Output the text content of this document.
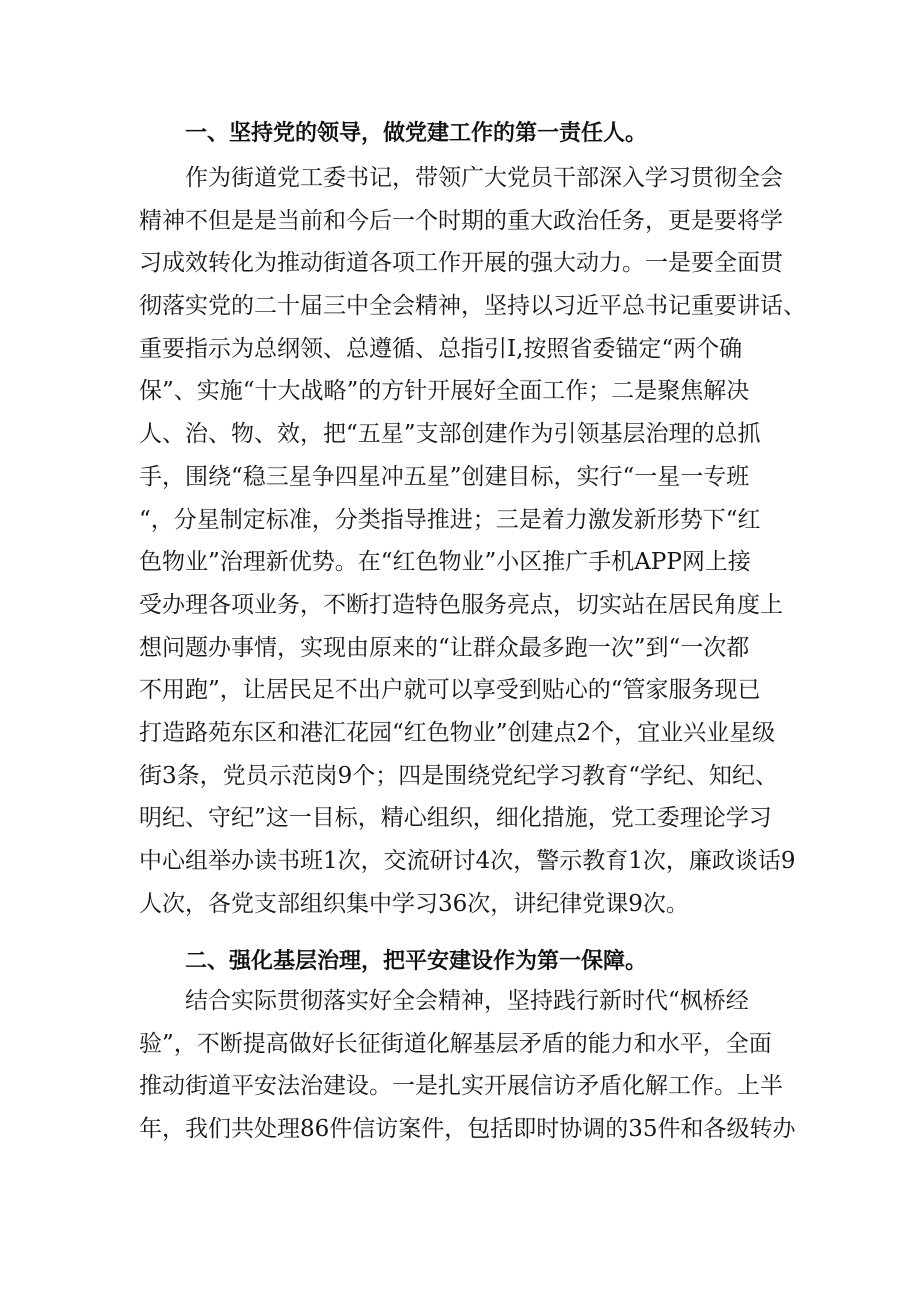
一、坚持党的领导，做党建工作的第一责任人。
作为街道党工委书记，带领广大党员干部深入学习贯彻全会
精神不但是是当前和今后一个时期的重大政治任务，更是要将学
习成效转化为推动街道各项工作开展的强大动力。一是要全面贯
彻落实党的二十届三中全会精神，坚持以习近平总书记重要讲话、
重要指示为总纲领、总遵循、总指引I,按照省委锚定“两个确
保”、实施“十大战略”的方针开展好全面工作；二是聚焦解决
人、治、物、效，把“五星”支部创建作为引领基层治理的总抓
手，围绕“稳三星争四星冲五星”创建目标，实行“一星一专班
“，分星制定标准，分类指导推进；三是着力激发新形势下“红
色物业”治理新优势。在“红色物业”小区推广手机APP网上接
受办理各项业务，不断打造特色服务亮点，切实站在居民角度上
想问题办事情，实现由原来的“让群众最多跑一次”到“一次都
不用跑”，让居民足不出户就可以享受到贴心的“管家服务现已
打造路苑东区和港汇花园“红色物业”创建点2个，宜业兴业星级
街3条，党员示范岗9个；四是围绕党纪学习教育“学纪、知纪、
明纪、守纪”这一目标，精心组织，细化措施，党工委理论学习
中心组举办读书班1次，交流研讨4次，警示教育1次，廉政谈话9
人次，各党支部组织集中学习36次，讲纪律党课9次。
二、强化基层治理，把平安建设作为第一保障。
结合实际贯彻落实好全会精神，坚持践行新时代“枫桥经
验”，不断提高做好长征街道化解基层矛盾的能力和水平，全面
推动街道平安法治建设。一是扎实开展信访矛盾化解工作。上半
年，我们共处理86件信访案件，包括即时协调的35件和各级转办
